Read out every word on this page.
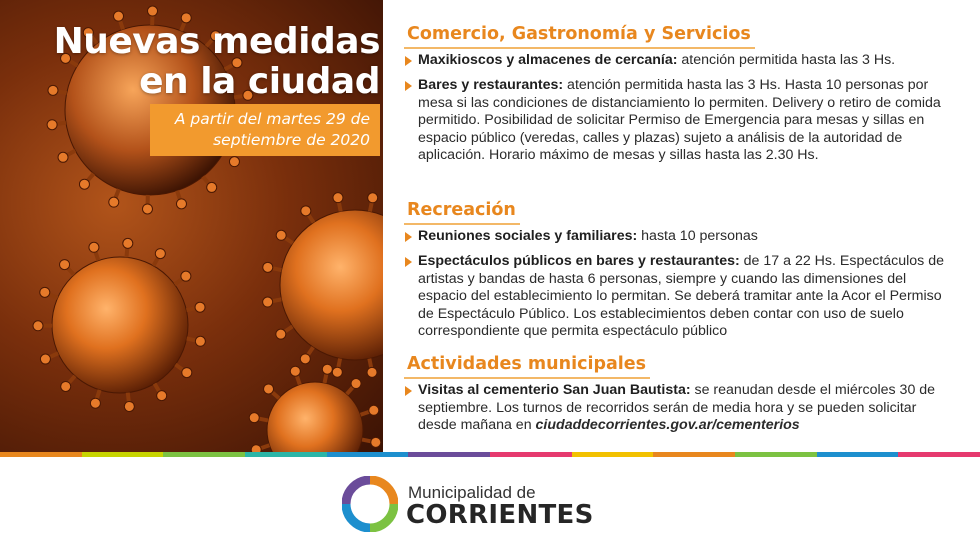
Nuevas medidas
en la ciudad
A partir del martes 29 de
septiembre de 2020
Comercio, Gastronomía y Servicios
Maxikioscos y almacenes de cercanía: atención permitida hasta las 3 Hs.
Bares y restaurantes: atención permitida hasta las 3 Hs. Hasta 10 personas por mesa si las condiciones de distanciamiento lo permiten. Delivery o retiro de comida permitido. Posibilidad de solicitar Permiso de Emergencia para mesas y sillas en espacio público (veredas, calles y plazas) sujeto a análisis de la autoridad de aplicación. Horario máximo de mesas y sillas hasta las 2.30 Hs.
Recreación
Reuniones sociales y familiares: hasta 10 personas
Espectáculos públicos en bares y restaurantes: de 17 a 22 Hs. Espectáculos de artistas y bandas de hasta 6 personas, siempre y cuando las dimensiones del espacio del establecimiento lo permitan. Se deberá tramitar ante la Acor el Permiso de Espectáculo Público. Los establecimientos deben contar con uso de suelo correspondiente que permita espectáculo público
Actividades municipales
Visitas al cementerio San Juan Bautista: se reanudan desde el miércoles 30 de septiembre. Los turnos de recorridos serán de media hora y se pueden solicitar desde mañana en ciudaddecorrientes.gov.ar/cementerios
Municipalidad de
CORRIENTES
